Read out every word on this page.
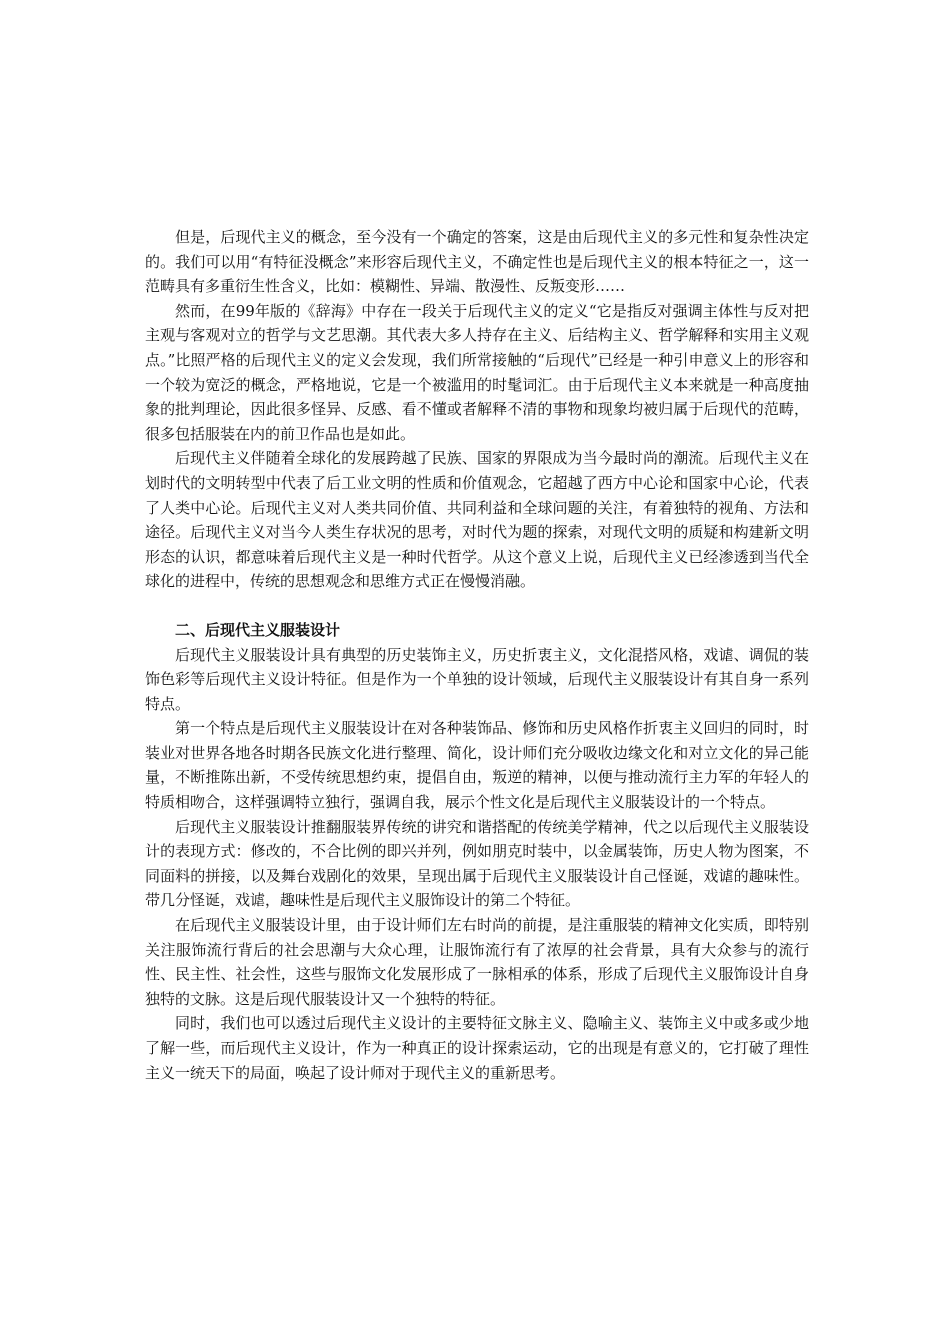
但是，后现代主义的概念，至今没有一个确定的答案，这是由后现代主义的多元性和复杂性决定的。我们可以用“有特征没概念”来形容后现代主义，不确定性也是后现代主义的根本特征之一，这一范畴具有多重衍生性含义，比如：模糊性、异端、散漫性、反叛变形……

然而，在99年版的《辞海》中存在一段关于后现代主义的定义“它是指反对强调主体性与反对把主观与客观对立的哲学与文艺思潮。其代表大多人持存在主义、后结构主义、哲学解释和实用主义观点。”比照严格的后现代主义的定义会发现，我们所常接触的“后现代”已经是一种引申意义上的形容和一个较为宽泛的概念，严格地说，它是一个被滥用的时髦词汇。由于后现代主义本来就是一种高度抽象的批判理论，因此很多怪异、反感、看不懂或者解释不清的事物和现象均被归属于后现代的范畴，很多包括服装在内的前卫作品也是如此。

后现代主义伴随着全球化的发展跨越了民族、国家的界限成为当今最时尚的潮流。后现代主义在划时代的文明转型中代表了后工业文明的性质和价值观念，它超越了西方中心论和国家中心论，代表了人类中心论。后现代主义对人类共同价值、共同利益和全球问题的关注，有着独特的视角、方法和途径。后现代主义对当今人类生存状况的思考，对时代为题的探索，对现代文明的质疑和构建新文明形态的认识，都意味着后现代主义是一种时代哲学。从这个意义上说，后现代主义已经渗透到当代全球化的进程中，传统的思想观念和思维方式正在慢慢消融。

二、后现代主义服装设计

后现代主义服装设计具有典型的历史装饰主义，历史折衷主义，文化混搭风格，戏谑、调侃的装饰色彩等后现代主义设计特征。但是作为一个单独的设计领域，后现代主义服装设计有其自身一系列特点。

第一个特点是后现代主义服装设计在对各种装饰品、修饰和历史风格作折衷主义回归的同时，时装业对世界各地各时期各民族文化进行整理、简化，设计师们充分吸收边缘文化和对立文化的异己能量，不断推陈出新，不受传统思想约束，提倡自由，叛逆的精神，以便与推动流行主力军的年轻人的特质相吻合，这样强调特立独行，强调自我，展示个性文化是后现代主义服装设计的一个特点。

后现代主义服装设计推翻服装界传统的讲究和谐搭配的传统美学精神，代之以后现代主义服装设计的表现方式：修改的，不合比例的即兴并列，例如朋克时装中，以金属装饰，历史人物为图案，不同面料的拼接，以及舞台戏剧化的效果，呈现出属于后现代主义服装设计自己怪诞，戏谑的趣味性。带几分怪诞，戏谑，趣味性是后现代主义服饰设计的第二个特征。

在后现代主义服装设计里，由于设计师们左右时尚的前提，是注重服装的精神文化实质，即特别关注服饰流行背后的社会思潮与大众心理，让服饰流行有了浓厚的社会背景，具有大众参与的流行性、民主性、社会性，这些与服饰文化发展形成了一脉相承的体系，形成了后现代主义服饰设计自身独特的文脉。这是后现代服装设计又一个独特的特征。

同时，我们也可以透过后现代主义设计的主要特征文脉主义、隐喻主义、装饰主义中或多或少地了解一些，而后现代主义设计，作为一种真正的设计探索运动，它的出现是有意义的，它打破了理性主义一统天下的局面，唤起了设计师对于现代主义的重新思考。
